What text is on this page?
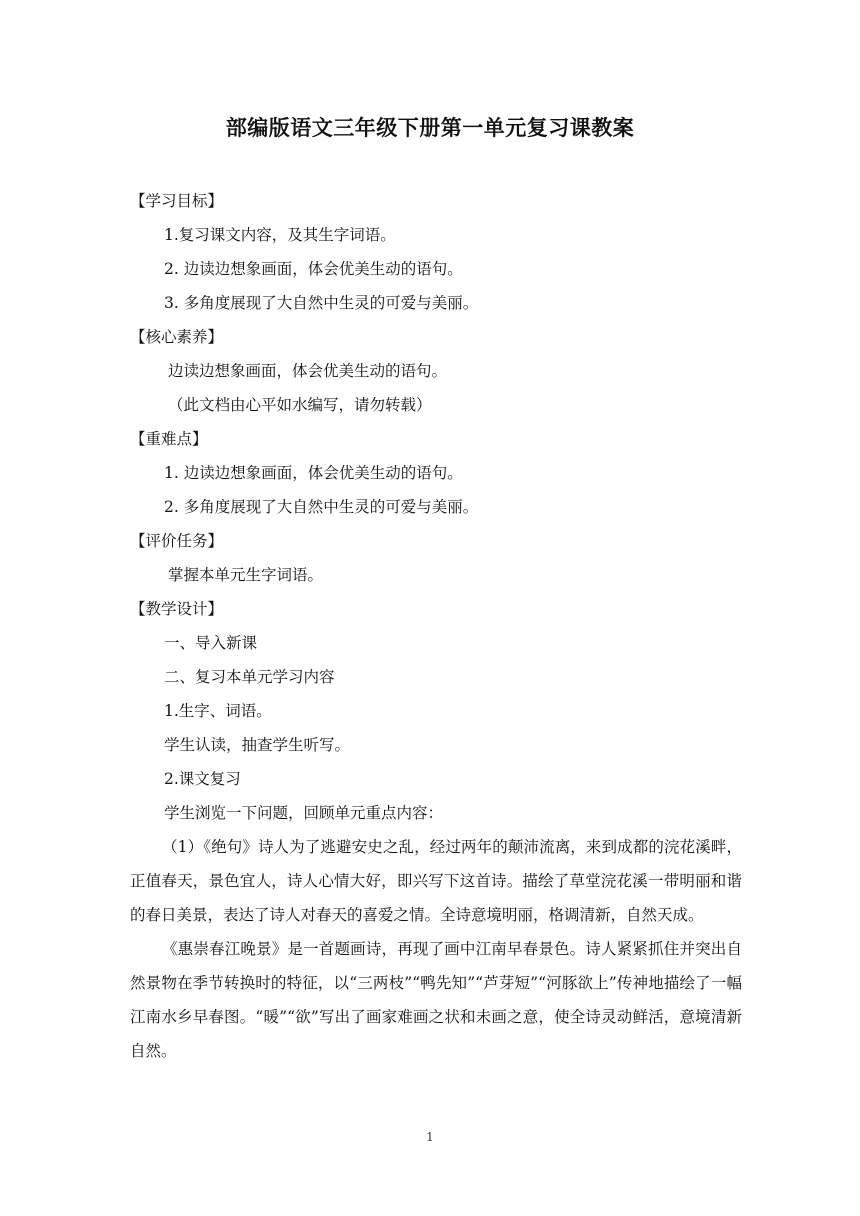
部编版语文三年级下册第一单元复习课教案

【学习目标】

1.复习课文内容，及其生字词语。

2. 边读边想象画面，体会优美生动的语句。

3. 多角度展现了大自然中生灵的可爱与美丽。

【核心素养】

边读边想象画面，体会优美生动的语句。

（此文档由心平如水编写，请勿转载）

【重难点】

1. 边读边想象画面，体会优美生动的语句。

2. 多角度展现了大自然中生灵的可爱与美丽。

【评价任务】

掌握本单元生字词语。

【教学设计】

一、导入新课

二、复习本单元学习内容

1.生字、词语。

学生认读，抽查学生听写。

2.课文复习

学生浏览一下问题，回顾单元重点内容：

（1）《绝句》诗人为了逃避安史之乱，经过两年的颠沛流离，来到成都的浣花溪畔，正值春天，景色宜人，诗人心情大好，即兴写下这首诗。描绘了草堂浣花溪一带明丽和谐的春日美景，表达了诗人对春天的喜爱之情。全诗意境明丽，格调清新，自然天成。

《惠崇春江晚景》是一首题画诗，再现了画中江南早春景色。诗人紧紧抓住并突出自然景物在季节转换时的特征，以“三两枝”“鸭先知”“芦芽短”“河豚欲上”传神地描绘了一幅江南水乡早春图。“暖”“欲”写出了画家难画之状和未画之意，使全诗灵动鲜活，意境清新自然。

1
